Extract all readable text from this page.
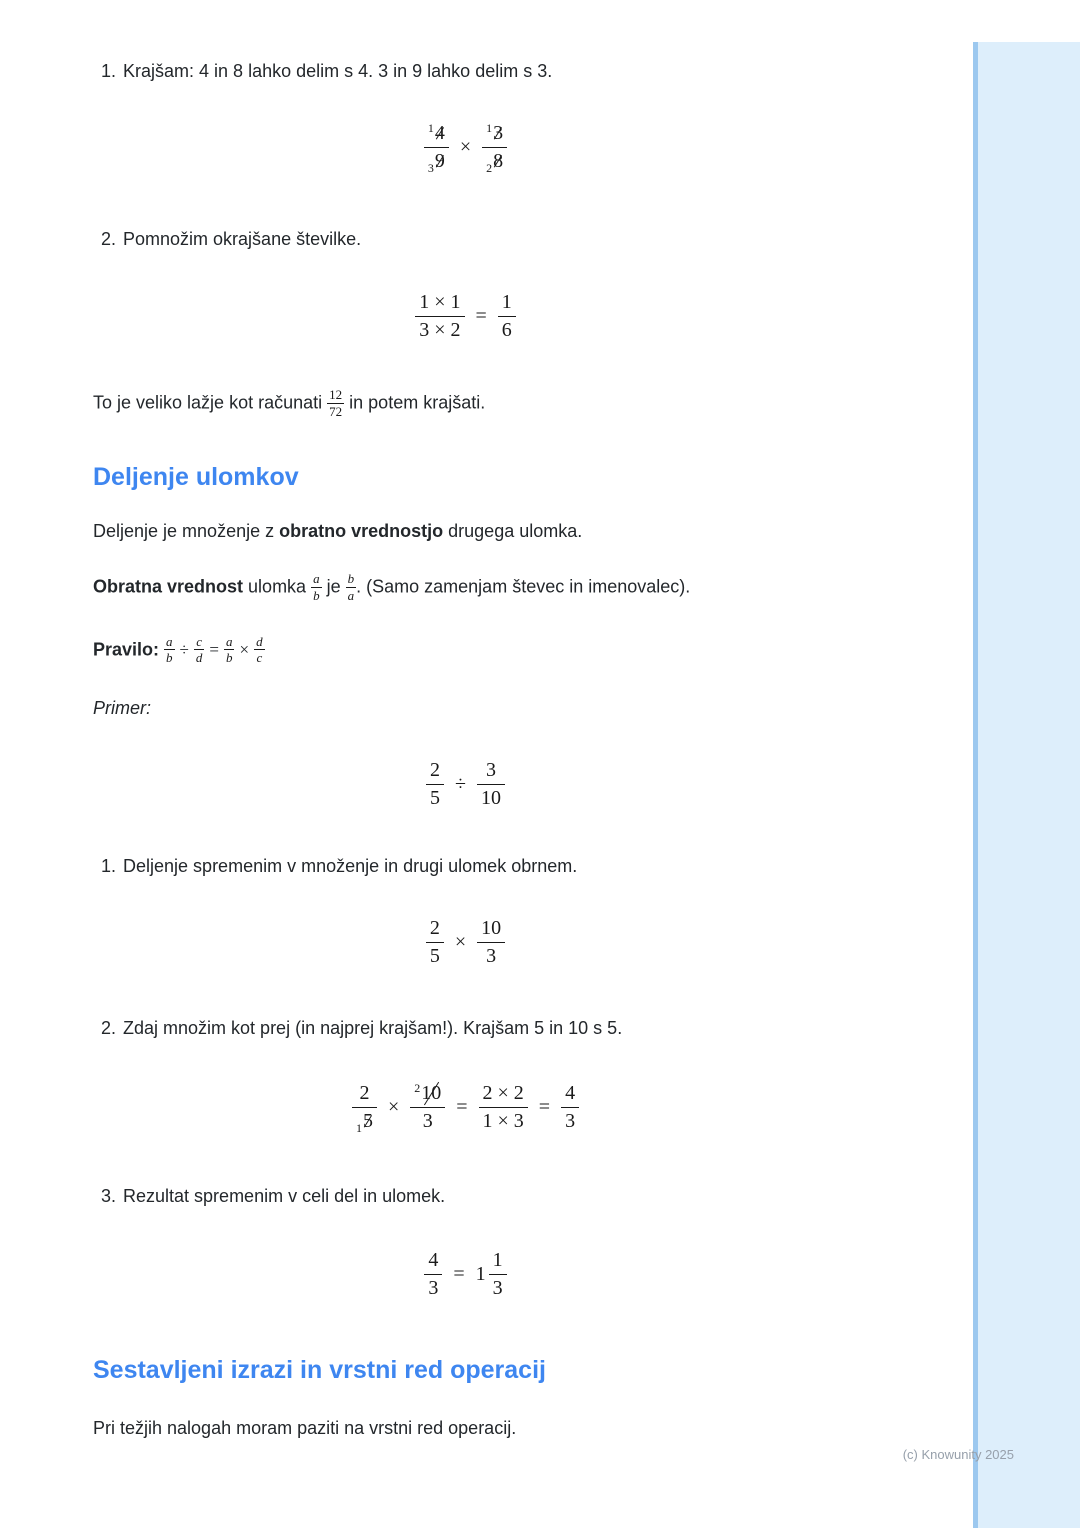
1. Krajšam: 4 in 8 lahko delim s 4. 3 in 9 lahko delim s 3.
$\frac{^14}{_39} \times \frac{^13}{_28}$
2. Pomnožim okrajšane številke.
$\frac{1 \times 1}{3 \times 2} = \frac{1}{6}$

To je veliko lažje kot računati $\frac{12}{72}$ in potem krajšati.

Deljenje ulomkov

Deljenje je množenje z obratno vrednostjo drugega ulomka.

Obratna vrednost ulomka $\frac{a}{b}$ je $\frac{b}{a}$ . (Samo zamenjam števec in imenovalec).

Pravilo: $\frac{a}{b} \div \frac{c}{d} = \frac{a}{b} \times \frac{d}{c}$

Primer:

$\frac{2}{5} \div \frac{3}{10}$
1. Deljenje spremenim v množenje in drugi ulomek obrnem.
$\frac{2}{5} \times \frac{10}{3}$
2. Zdaj množim kot prej (in najprej krajšam!). Krajšam 5 in 10 s 5.
$\frac{2}{_15} \times \frac{^210}{3} = \frac{2 \times 2}{1 \times 3} = \frac{4}{3}$
3. Rezultat spremenim v celi del in ulomek.
$\frac{4}{3} = 1 \frac{1}{3}$
Sestavljeni izrazi in vrstni red operacij

Pri težjih nalogah moram paziti na vrstni red operacij.

(c) Knowunity 2025
